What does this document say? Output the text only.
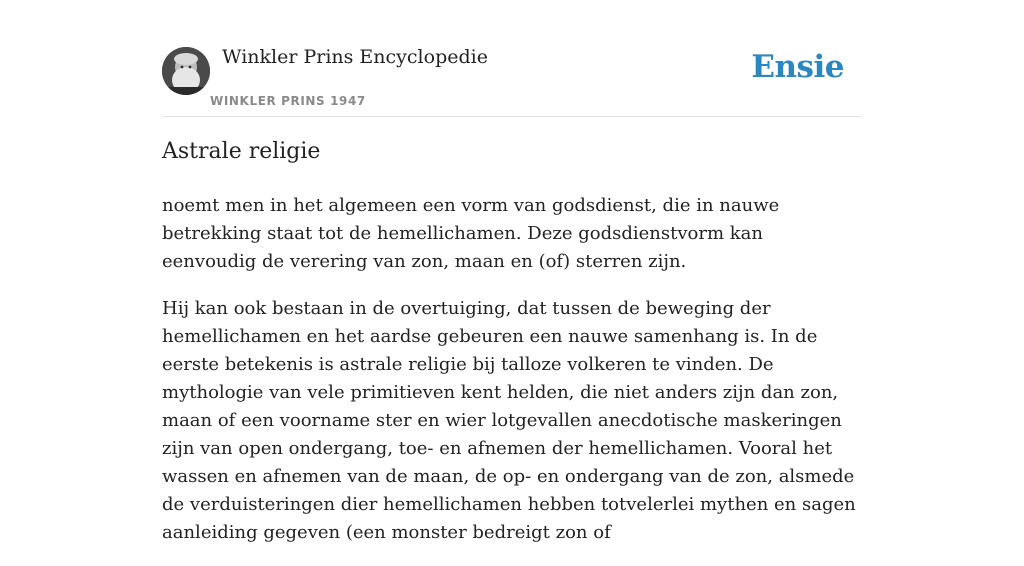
Winkler Prins Encyclopedie
WINKLER PRINS 1947
Ensie
Astrale religie

noemt men in het algemeen een vorm van godsdienst, die in nauwe betrekking staat tot de hemellichamen. Deze godsdienstvorm kan eenvoudig de verering van zon, maan en (of) sterren zijn.

Hij kan ook bestaan in de overtuiging, dat tussen de beweging der hemellichamen en het aardse gebeuren een nauwe samenhang is. In de eerste betekenis is astrale religie bij talloze volkeren te vinden. De mythologie van vele primitieven kent helden, die niet anders zijn dan zon, maan of een voorname ster en wier lotgevallen anecdotische maskeringen zijn van open ondergang, toe- en afnemen der hemellichamen. Vooral het wassen en afnemen van de maan, de op- en ondergang van de zon, alsmede de verduisteringen dier hemellichamen hebben totvelerlei mythen en sagen aanleiding gegeven (een monster bedreigt zon of
